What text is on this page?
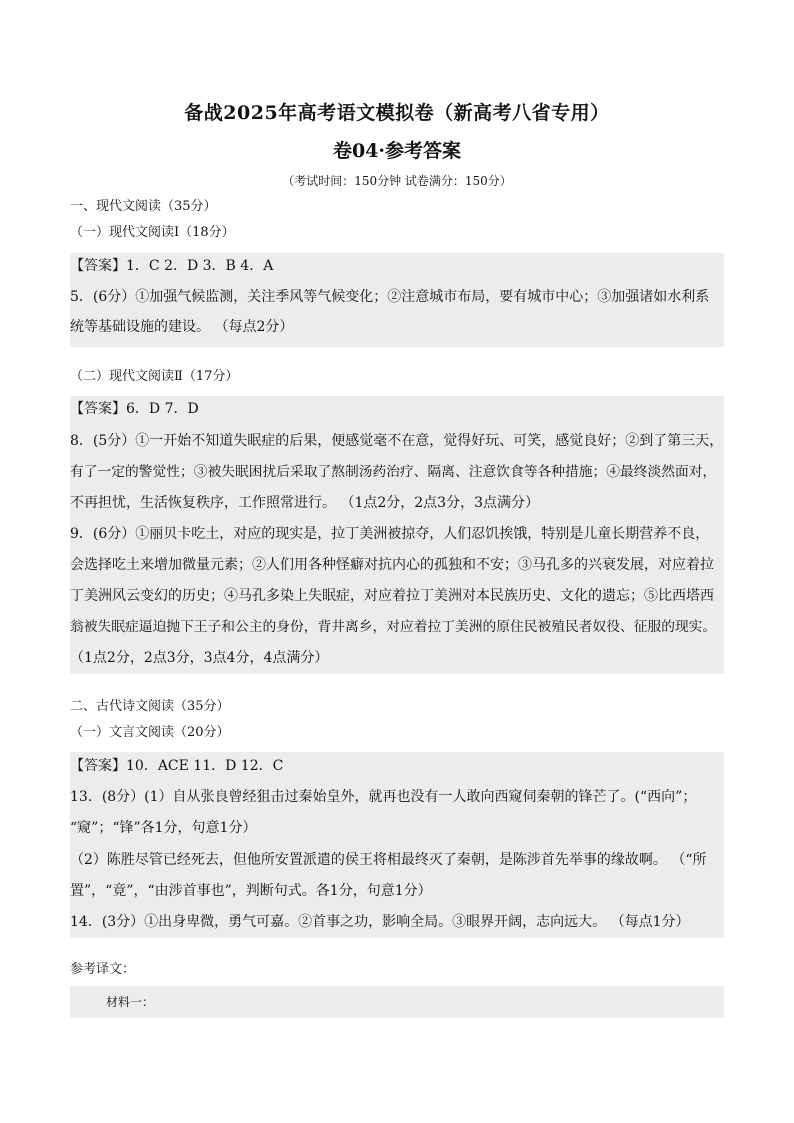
备战2025年高考语文模拟卷（新高考八省专用）
卷04·参考答案
（考试时间：150分钟 试卷满分：150分）
一、现代文阅读（35分）
（一）现代文阅读Ⅰ（18分）
【答案】1．C 2．D 3．B 4．A
5．(6分）①加强气候监测，关注季风等气候变化；②注意城市布局，要有城市中心；③加强诸如水利系
统等基础设施的建设。 （每点2分）
（二）现代文阅读Ⅱ（17分）
【答案】6．D 7．D
8．(5分）①一开始不知道失眠症的后果，便感觉毫不在意，觉得好玩、可笑，感觉良好；②到了第三天，
有了一定的警觉性；③被失眠困扰后采取了熬制汤药治疗、隔离、注意饮食等各种措施；④最终淡然面对，
不再担忧，生活恢复秩序，工作照常进行。 （1点2分，2点3分，3点满分）
9．(6分）①丽贝卡吃土，对应的现实是，拉丁美洲被掠夺，人们忍饥挨饿，特别是儿童长期营养不良，
会选择吃土来增加微量元素；②人们用各种怪癖对抗内心的孤独和不安；③马孔多的兴衰发展，对应着拉
丁美洲风云变幻的历史；④马孔多染上失眠症，对应着拉丁美洲对本民族历史、文化的遗忘；⑤比西塔西
翁被失眠症逼迫抛下王子和公主的身份，背井离乡，对应着拉丁美洲的原住民被殖民者奴役、征服的现实。
（1点2分，2点3分，3点4分，4点满分）
二、古代诗文阅读（35分）
（一）文言文阅读（20分）
【答案】10．ACE 11．D 12．C
13．(8分）(1）自从张良曾经狙击过秦始皇外，就再也没有一人敢向西窥伺秦朝的锋芒了。(“西向”；
“窥”；“锋”各1分，句意1分）
（2）陈胜尽管已经死去，但他所安置派遣的侯王将相最终灭了秦朝，是陈涉首先举事的缘故啊。 （“所
置”，“竟”，“由涉首事也”，判断句式。各1分，句意1分）
14．(3分）①出身卑微，勇气可嘉。②首事之功，影响全局。③眼界开阔，志向远大。 （每点1分）
参考译文：
材料一：
